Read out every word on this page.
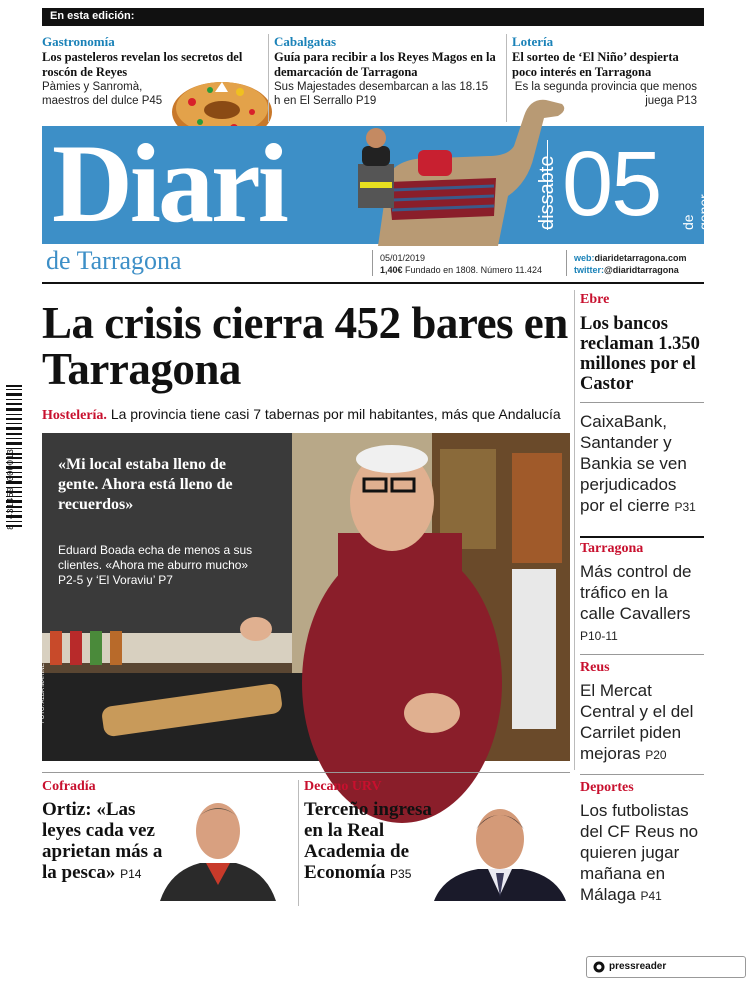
En esta edición:
Gastronomía
Los pasteleros revelan los secretos del roscón de Reyes
Pàmies y Sanromà, maestros del dulce P45
Cabalgatas
Guía para recibir a los Reyes Magos en la demarcación de Tarragona
Sus Majestades desembarcan a las 18.15 h en El Serrallo P19
Lotería
El sorteo de ‘El Niño’ despierta poco interés en Tarragona
Es la segunda provincia que menos juega P13
Diari	dissabte 05 de gener
de Tarragona	05/01/2019
1,40€ Fundado en 1808. Número 11.424
web:diaridetarragona.com
twitter:@diaridtarragona
La crisis cierra 452 bares en Tarragona
Hostelería. La provincia tiene casi 7 tabernas por mil habitantes, más que Andalucía
«Mi local estaba lleno de gente. Ahora está lleno de recuerdos»
Eduard Boada echa de menos a sus clientes. «Ahora me aburro mucho» P2-5 y ‘El Voraviu’ P7
FOTO: ALBA MARINÉ
Ebre
Los bancos reclaman 1.350 millones por el Castor
CaixaBank, Santander y Bankia se ven perjudicados por el cierre P31
Tarragona
Más control de tráfico en la calle Cavallers P10-11
Reus
El Mercat Central y el del Carrilet piden mejoras P20
Deportes
Los futbolistas del CF Reus no quieren jugar mañana en Málaga P41
Cofradía
Ortiz: «Las leyes cada vez aprietan más a la pesca» P14
Decano URV
Terceño ingresa en la Real Academia de Economía P35
8 431459 000013
pressreader
